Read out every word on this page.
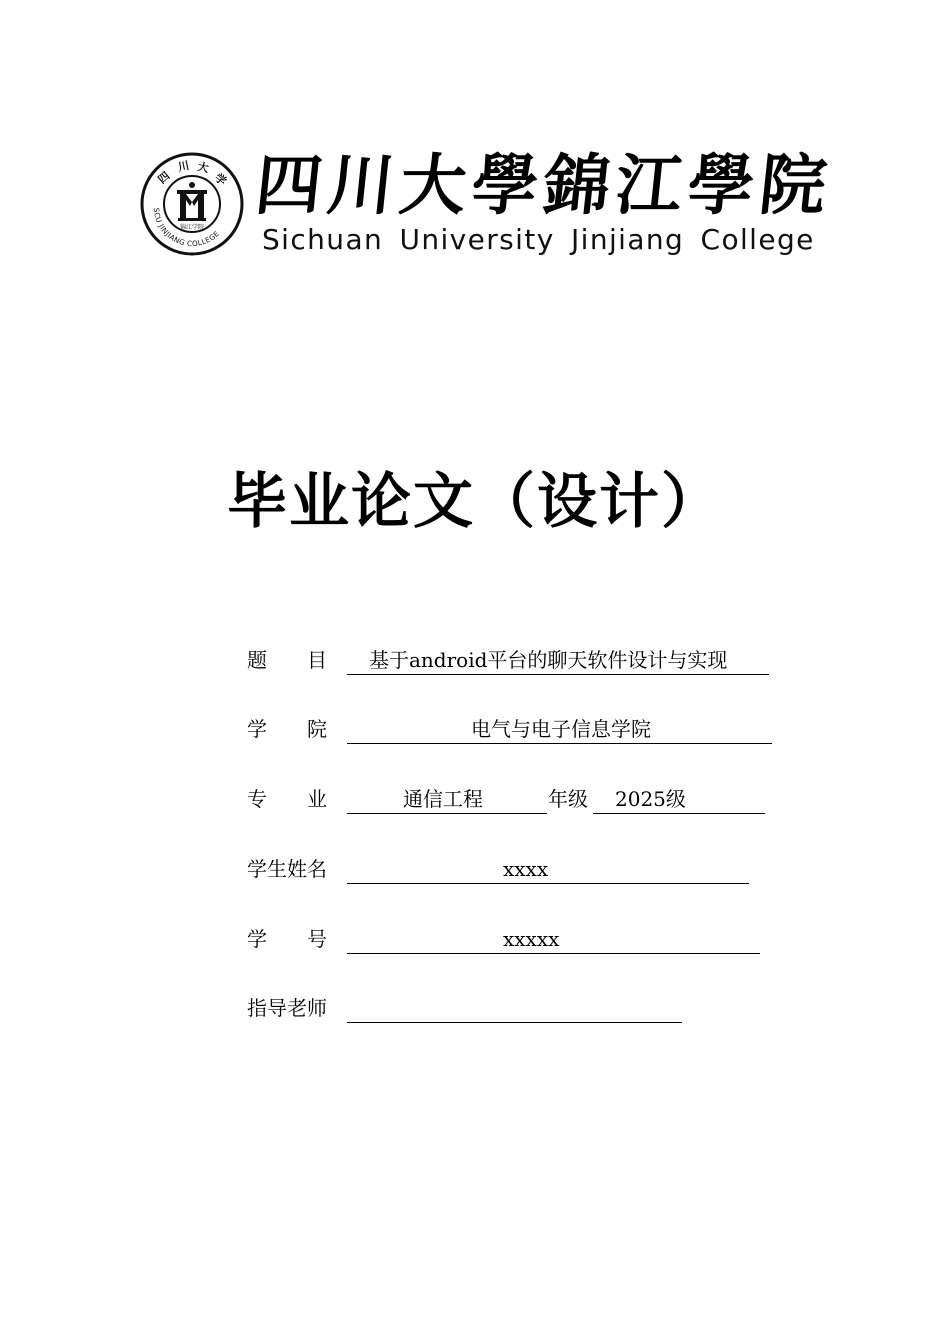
四
川 大
学
SCU JINJIANG COLLEGE
锦江学院
四川大學錦江學院
Sichuan University Jinjiang College
毕业论文（设计）
题　　目 基于android平台的聊天软件设计与实现
学　　院	电气与电子信息学院
专　　业	通信工程	年级 2025级
学生姓名	xxxx
学　　号	xxxxx
指导老师
